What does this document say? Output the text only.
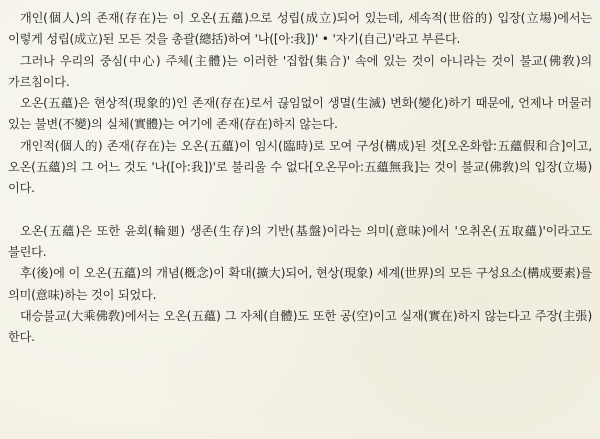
개인(個人)의 존재(存在)는 이 오온(五蘊)으로 성립(成立)되어 있는데, 세속적(世俗的) 입장(立場)에서는 이렇게 성립(成立)된 모든 것을 총괄(總括)하여 '나([아:我])' • '자기(自己)'라고 부른다.

그러나 우리의 중심(中心) 주체(主體)는 이러한 '집합(集合)' 속에 있는 것이 아니라는 것이 불교(佛敎)의 가르침이다.

오온(五蘊)은 현상적(現象的)인 존재(存在)로서 끊임없이 생멸(生滅) 변화(變化)하기 때문에, 언제나 머물러 있는 불변(不變)의 실체(實體)는 여기에 존재(存在)하지 않는다.

개인적(個人的) 존재(存在)는 오온(五蘊)이 임시(臨時)로 모여 구성(構成)된 것[오온화합:五蘊假和合]이고, 오온(五蘊)의 그 어느 것도 '나([아:我])'로 불리울 수 없다[오온무아:五蘊無我]는 것이 불교(佛敎)의 입장(立場)이다.

오온(五蘊)은 또한 윤회(輪廻) 생존(生存)의 기반(基盤)이라는 의미(意味)에서 '오취온(五取蘊)'이라고도 불린다.

후(後)에 이 오온(五蘊)의 개념(槪念)이 확대(擴大)되어, 현상(現象) 세계(世界)의 모든 구성요소(構成要素)를 의미(意味)하는 것이 되었다.

대승불교(大乘佛敎)에서는 오온(五蘊) 그 자체(自體)도 또한 공(空)이고 실재(實在)하지 않는다고 주장(主張)한다.
